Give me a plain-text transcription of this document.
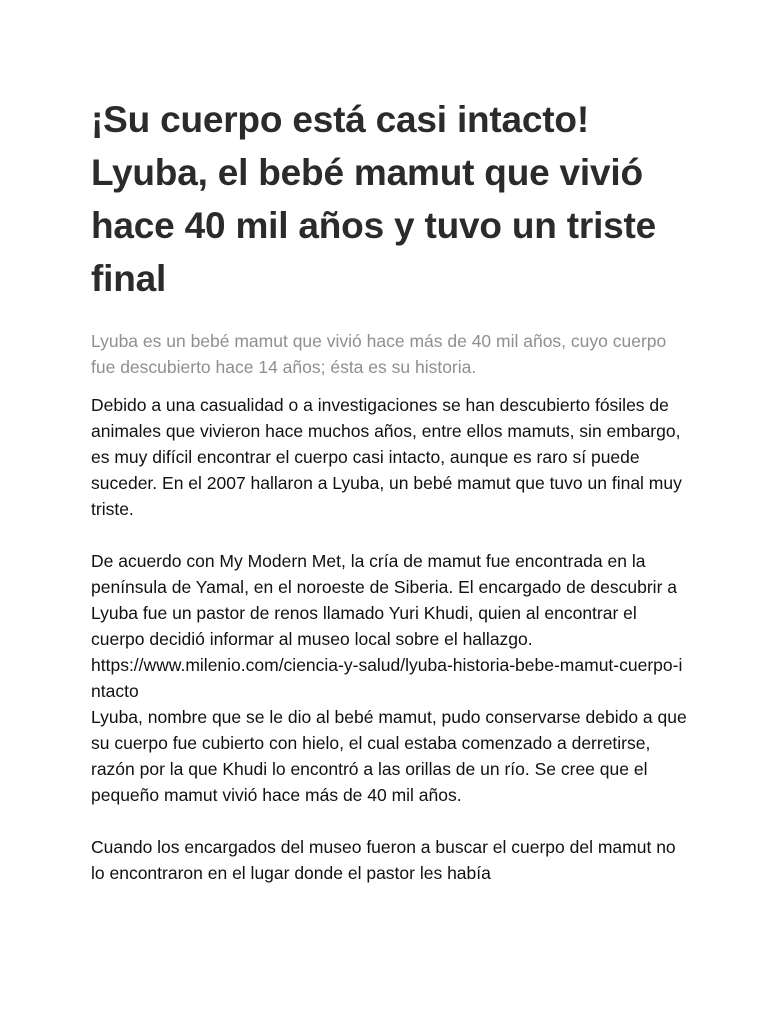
¡Su cuerpo está casi intacto! Lyuba, el bebé mamut que vivió hace 40 mil años y tuvo un triste final

Lyuba es un bebé mamut que vivió hace más de 40 mil años, cuyo cuerpo fue descubierto hace 14 años; ésta es su historia.

Debido a una casualidad o a investigaciones se han descubierto fósiles de animales que vivieron hace muchos años, entre ellos mamuts, sin embargo, es muy difícil encontrar el cuerpo casi intacto, aunque es raro sí puede suceder. En el 2007 hallaron a Lyuba, un bebé mamut que tuvo un final muy triste.

De acuerdo con My Modern Met, la cría de mamut fue encontrada en la península de Yamal, en el noroeste de Siberia. El encargado de descubrir a Lyuba fue un pastor de renos llamado Yuri Khudi, quien al encontrar el cuerpo decidió informar al museo local sobre el hallazgo.

https://www.milenio.com/ciencia-y-salud/lyuba-historia-bebe-mamut-cuerpo-intacto

Lyuba, nombre que se le dio al bebé mamut, pudo conservarse debido a que su cuerpo fue cubierto con hielo, el cual estaba comenzado a derretirse, razón por la que Khudi lo encontró a las orillas de un río. Se cree que el pequeño mamut vivió hace más de 40 mil años.

Cuando los encargados del museo fueron a buscar el cuerpo del mamut no lo encontraron en el lugar donde el pastor les había
